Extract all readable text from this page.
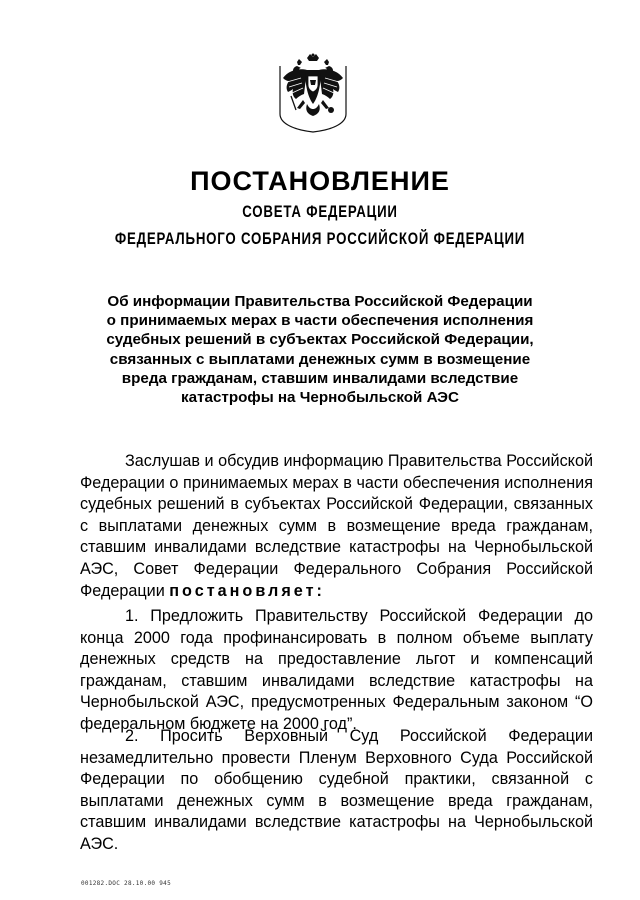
ПОСТАНОВЛЕНИЕ
СОВЕТА ФЕДЕРАЦИИ
ФЕДЕРАЛЬНОГО СОБРАНИЯ РОССИЙСКОЙ ФЕДЕРАЦИИ
Об информации Правительства Российской Федерации
о принимаемых мерах в части обеспечения исполнения
судебных решений в субъектах Российской Федерации,
связанных с выплатами денежных сумм в возмещение
вреда гражданам, ставшим инвалидами вследствие
катастрофы на Чернобыльской АЭС

Заслушав и обсудив информацию Правительства Российской Федерации о принимаемых мерах в части обеспечения исполнения судебных решений в субъектах Российской Федерации, связанных с выплатами денежных сумм в возмещение вреда гражданам, ставшим инвалидами вследствие катастрофы на Чернобыльской АЭС, Совет Федерации Федерального Собрания Российской Федерации постановляет:

1. Предложить Правительству Российской Федерации до конца 2000 года профинансировать в полном объеме выплату денежных средств на предоставление льгот и компенсаций гражданам, ставшим инвалидами вследствие катастрофы на Чернобыльской АЭС, предусмотренных Федеральным законом “О федеральном бюджете на 2000 год”.

2. Просить Верховный Суд Российской Федерации незамедлительно провести Пленум Верховного Суда Российской Федерации по обобщению судебной практики, связанной с выплатами денежных сумм в возмещение вреда гражданам, ставшим инвалидами вследствие катастрофы на Чернобыльской АЭС.

001282.DOC 28.10.00 945
